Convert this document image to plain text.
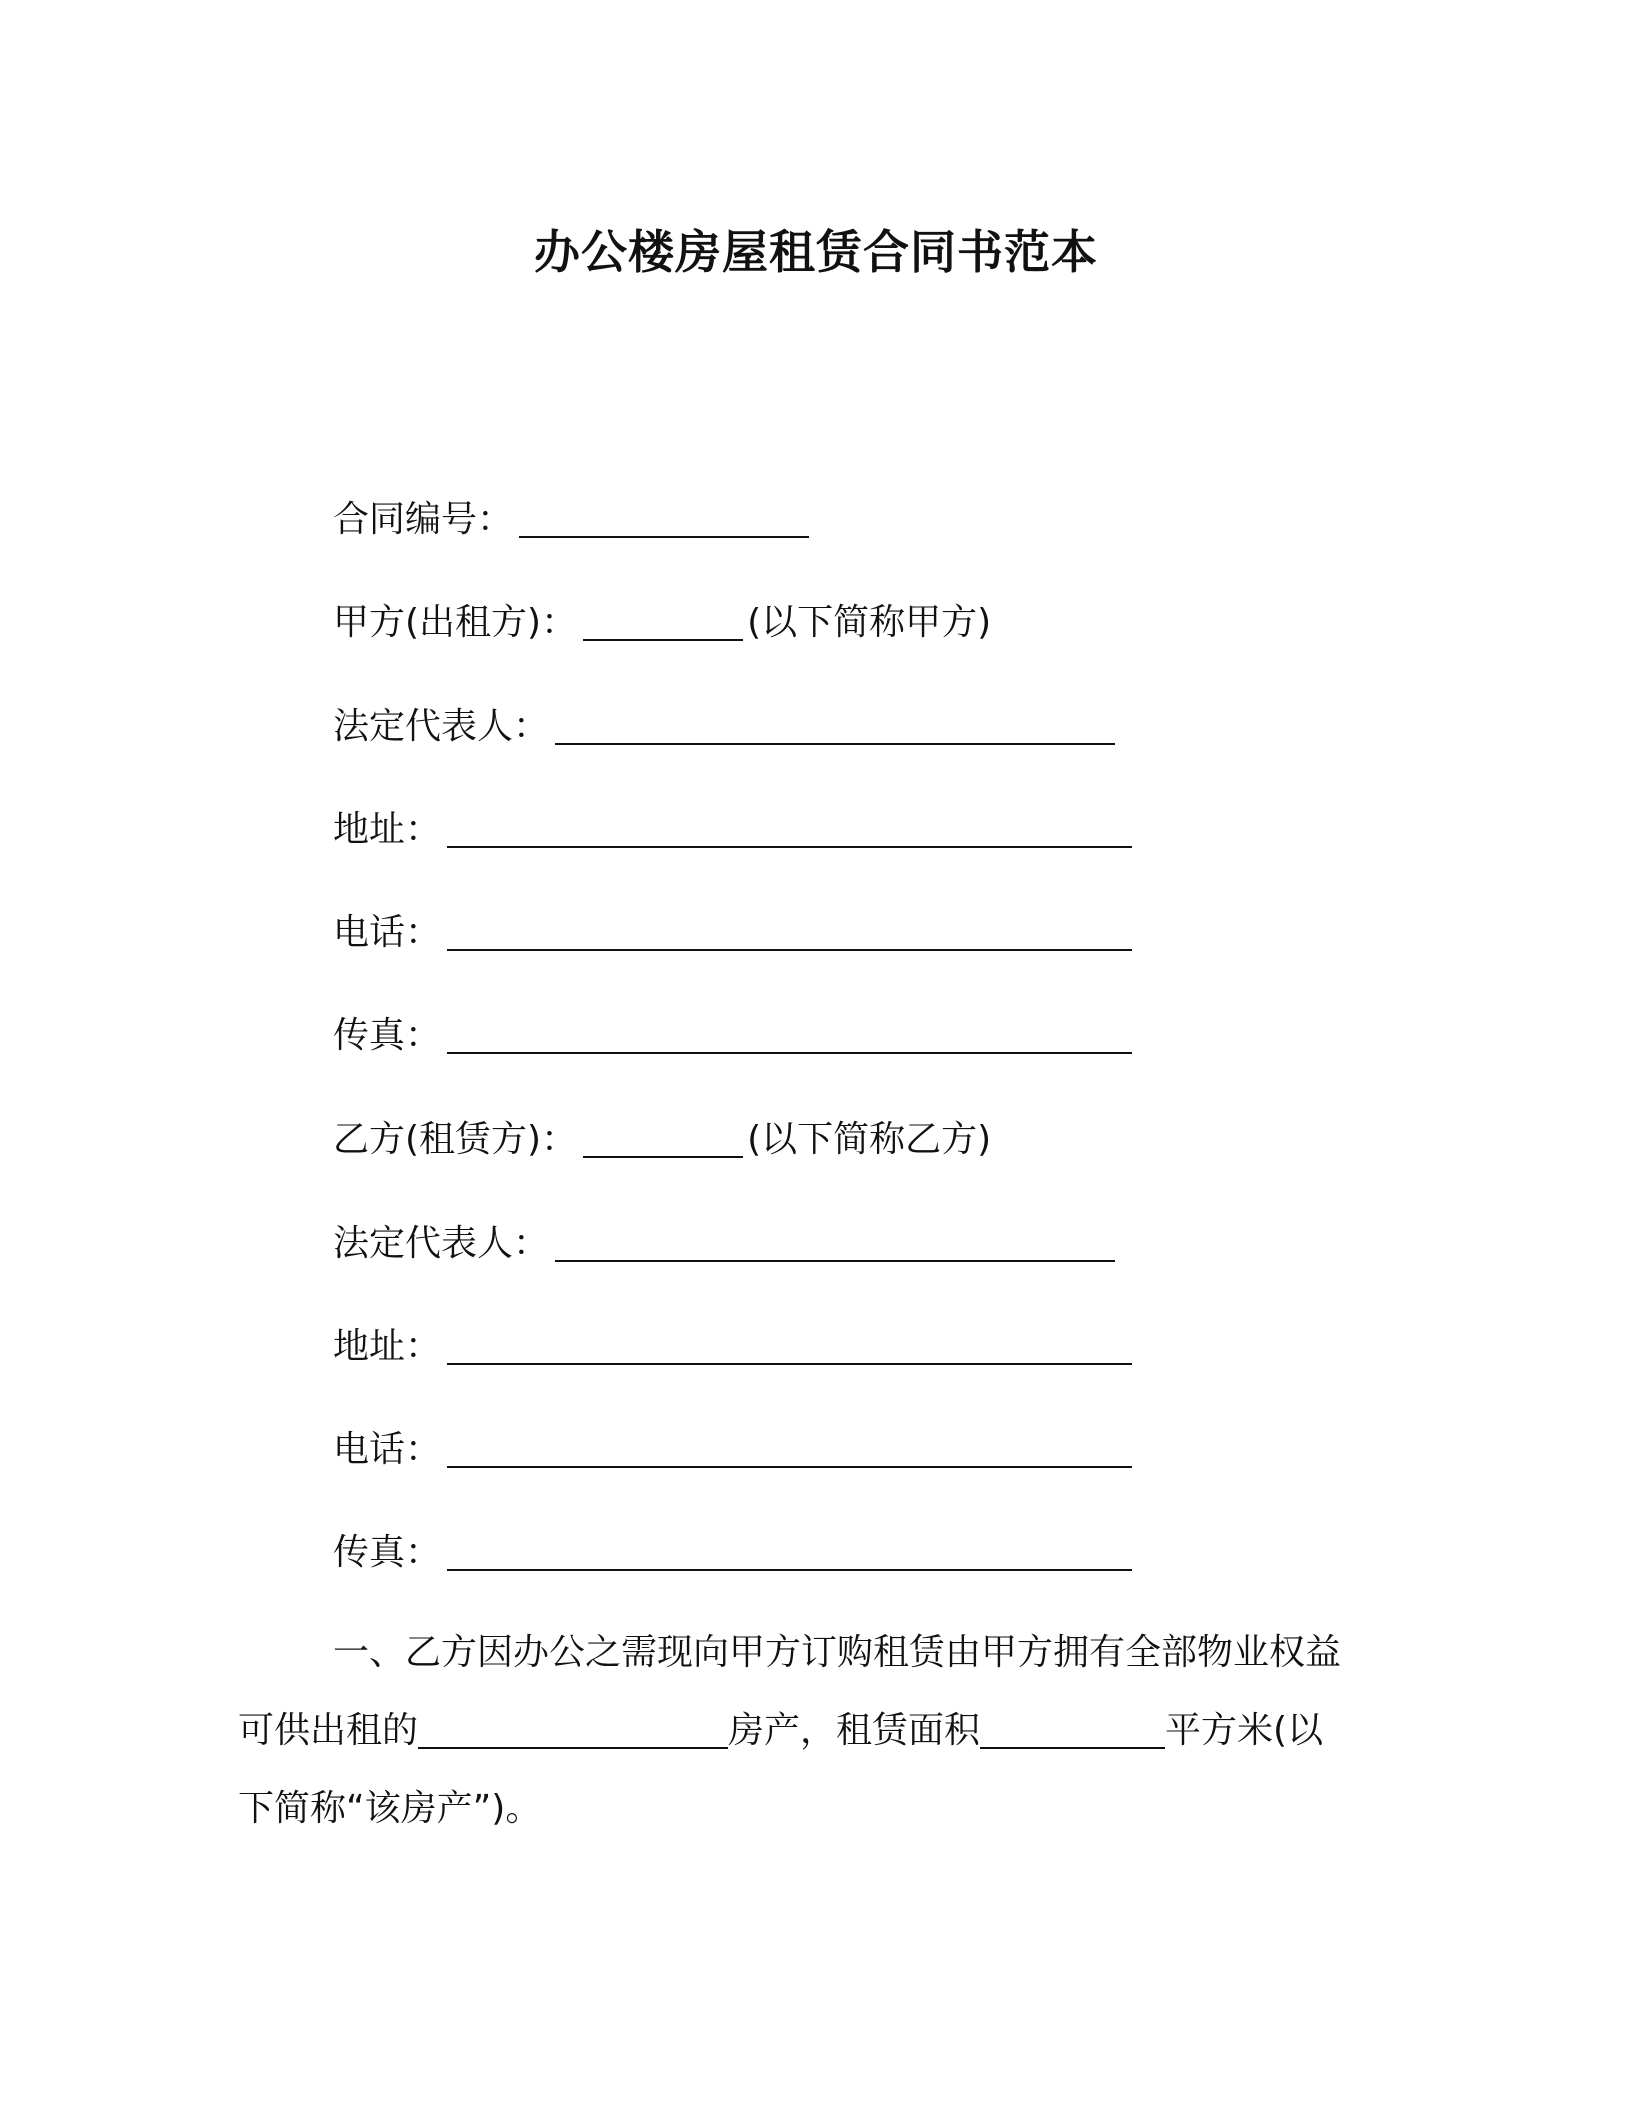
办公楼房屋租赁合同书范本
合同编号：
甲方(出租方)：	(以下简称甲方)
法定代表人：
地址：
电话：
传真：
乙方(租赁方)：	(以下简称乙方)
法定代表人：
地址：
电话：
传真：
一、乙方因办公之需现向甲方订购租赁由甲方拥有全部物业权益
可供出租的	房产，租赁面积	平方米(以
下简称“该房产”)。
